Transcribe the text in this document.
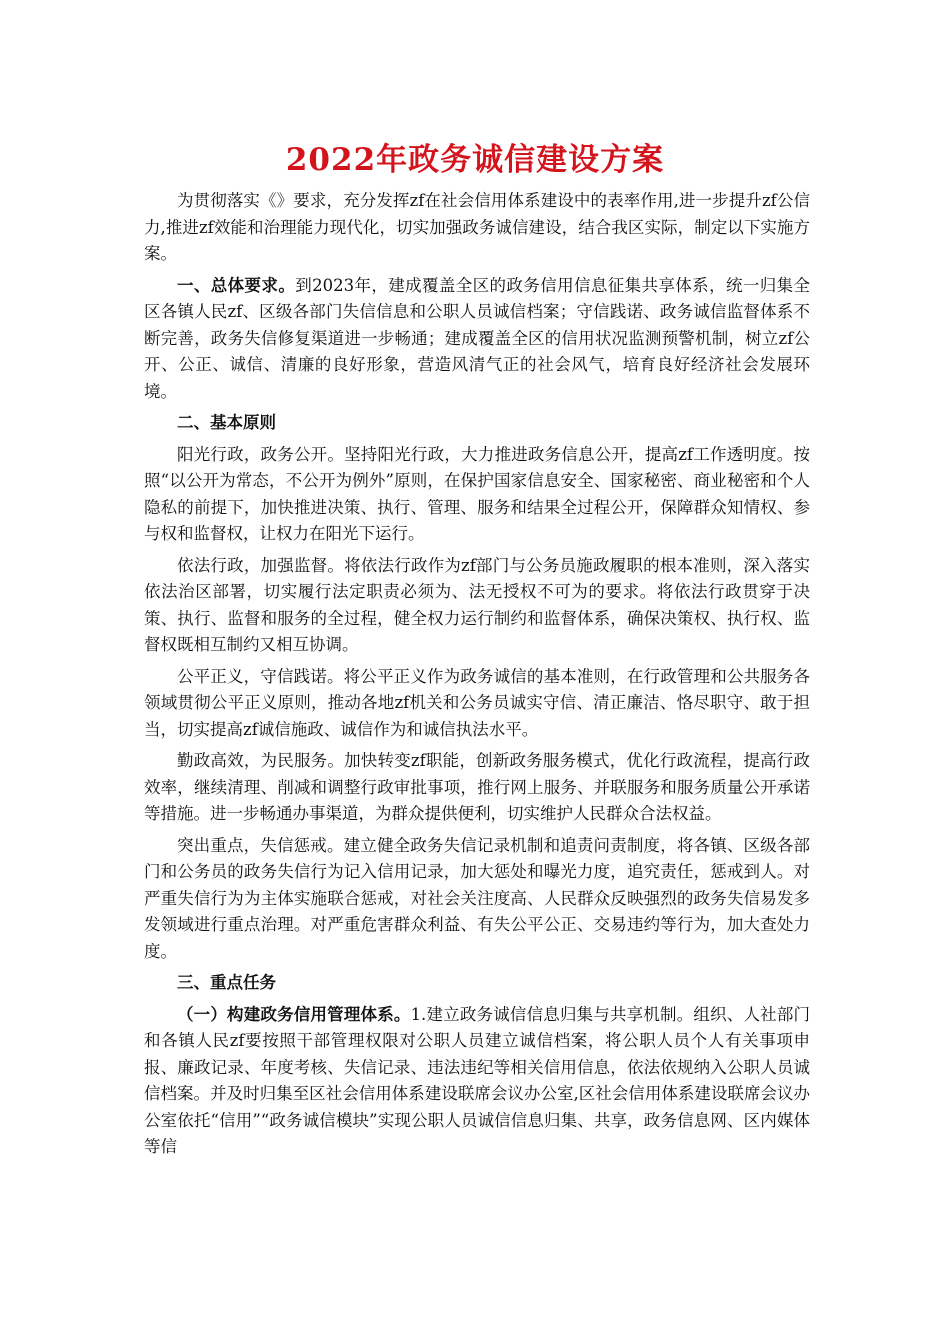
2022年政务诚信建设方案

为贯彻落实《》要求，充分发挥zf在社会信用体系建设中的表率作用,进一步提升zf公信力,推进zf效能和治理能力现代化，切实加强政务诚信建设，结合我区实际，制定以下实施方案。

一、总体要求。到2023年，建成覆盖全区的政务信用信息征集共享体系，统一归集全区各镇人民zf、区级各部门失信信息和公职人员诚信档案；守信践诺、政务诚信监督体系不断完善，政务失信修复渠道进一步畅通；建成覆盖全区的信用状况监测预警机制，树立zf公开、公正、诚信、清廉的良好形象，营造风清气正的社会风气，培育良好经济社会发展环境。

二、基本原则

阳光行政，政务公开。坚持阳光行政，大力推进政务信息公开，提高zf工作透明度。按照“以公开为常态，不公开为例外”原则，在保护国家信息安全、国家秘密、商业秘密和个人隐私的前提下，加快推进决策、执行、管理、服务和结果全过程公开，保障群众知情权、参与权和监督权，让权力在阳光下运行。

依法行政，加强监督。将依法行政作为zf部门与公务员施政履职的根本准则，深入落实依法治区部署，切实履行法定职责必须为、法无授权不可为的要求。将依法行政贯穿于决策、执行、监督和服务的全过程，健全权力运行制约和监督体系，确保决策权、执行权、监督权既相互制约又相互协调。

公平正义，守信践诺。将公平正义作为政务诚信的基本准则，在行政管理和公共服务各领域贯彻公平正义原则，推动各地zf机关和公务员诚实守信、清正廉洁、恪尽职守、敢于担当，切实提高zf诚信施政、诚信作为和诚信执法水平。

勤政高效，为民服务。加快转变zf职能，创新政务服务模式，优化行政流程，提高行政效率，继续清理、削减和调整行政审批事项，推行网上服务、并联服务和服务质量公开承诺等措施。进一步畅通办事渠道，为群众提供便利，切实维护人民群众合法权益。

突出重点，失信惩戒。建立健全政务失信记录机制和追责问责制度，将各镇、区级各部门和公务员的政务失信行为记入信用记录，加大惩处和曝光力度，追究责任，惩戒到人。对严重失信行为为主体实施联合惩戒，对社会关注度高、人民群众反映强烈的政务失信易发多发领域进行重点治理。对严重危害群众利益、有失公平公正、交易违约等行为，加大查处力度。

三、重点任务

（一）构建政务信用管理体系。1.建立政务诚信信息归集与共享机制。组织、人社部门和各镇人民zf要按照干部管理权限对公职人员建立诚信档案，将公职人员个人有关事项申报、廉政记录、年度考核、失信记录、违法违纪等相关信用信息，依法依规纳入公职人员诚信档案。并及时归集至区社会信用体系建设联席会议办公室,区社会信用体系建设联席会议办公室依托“信用”“政务诚信模块”实现公职人员诚信信息归集、共享，政务信息网、区内媒体等信
